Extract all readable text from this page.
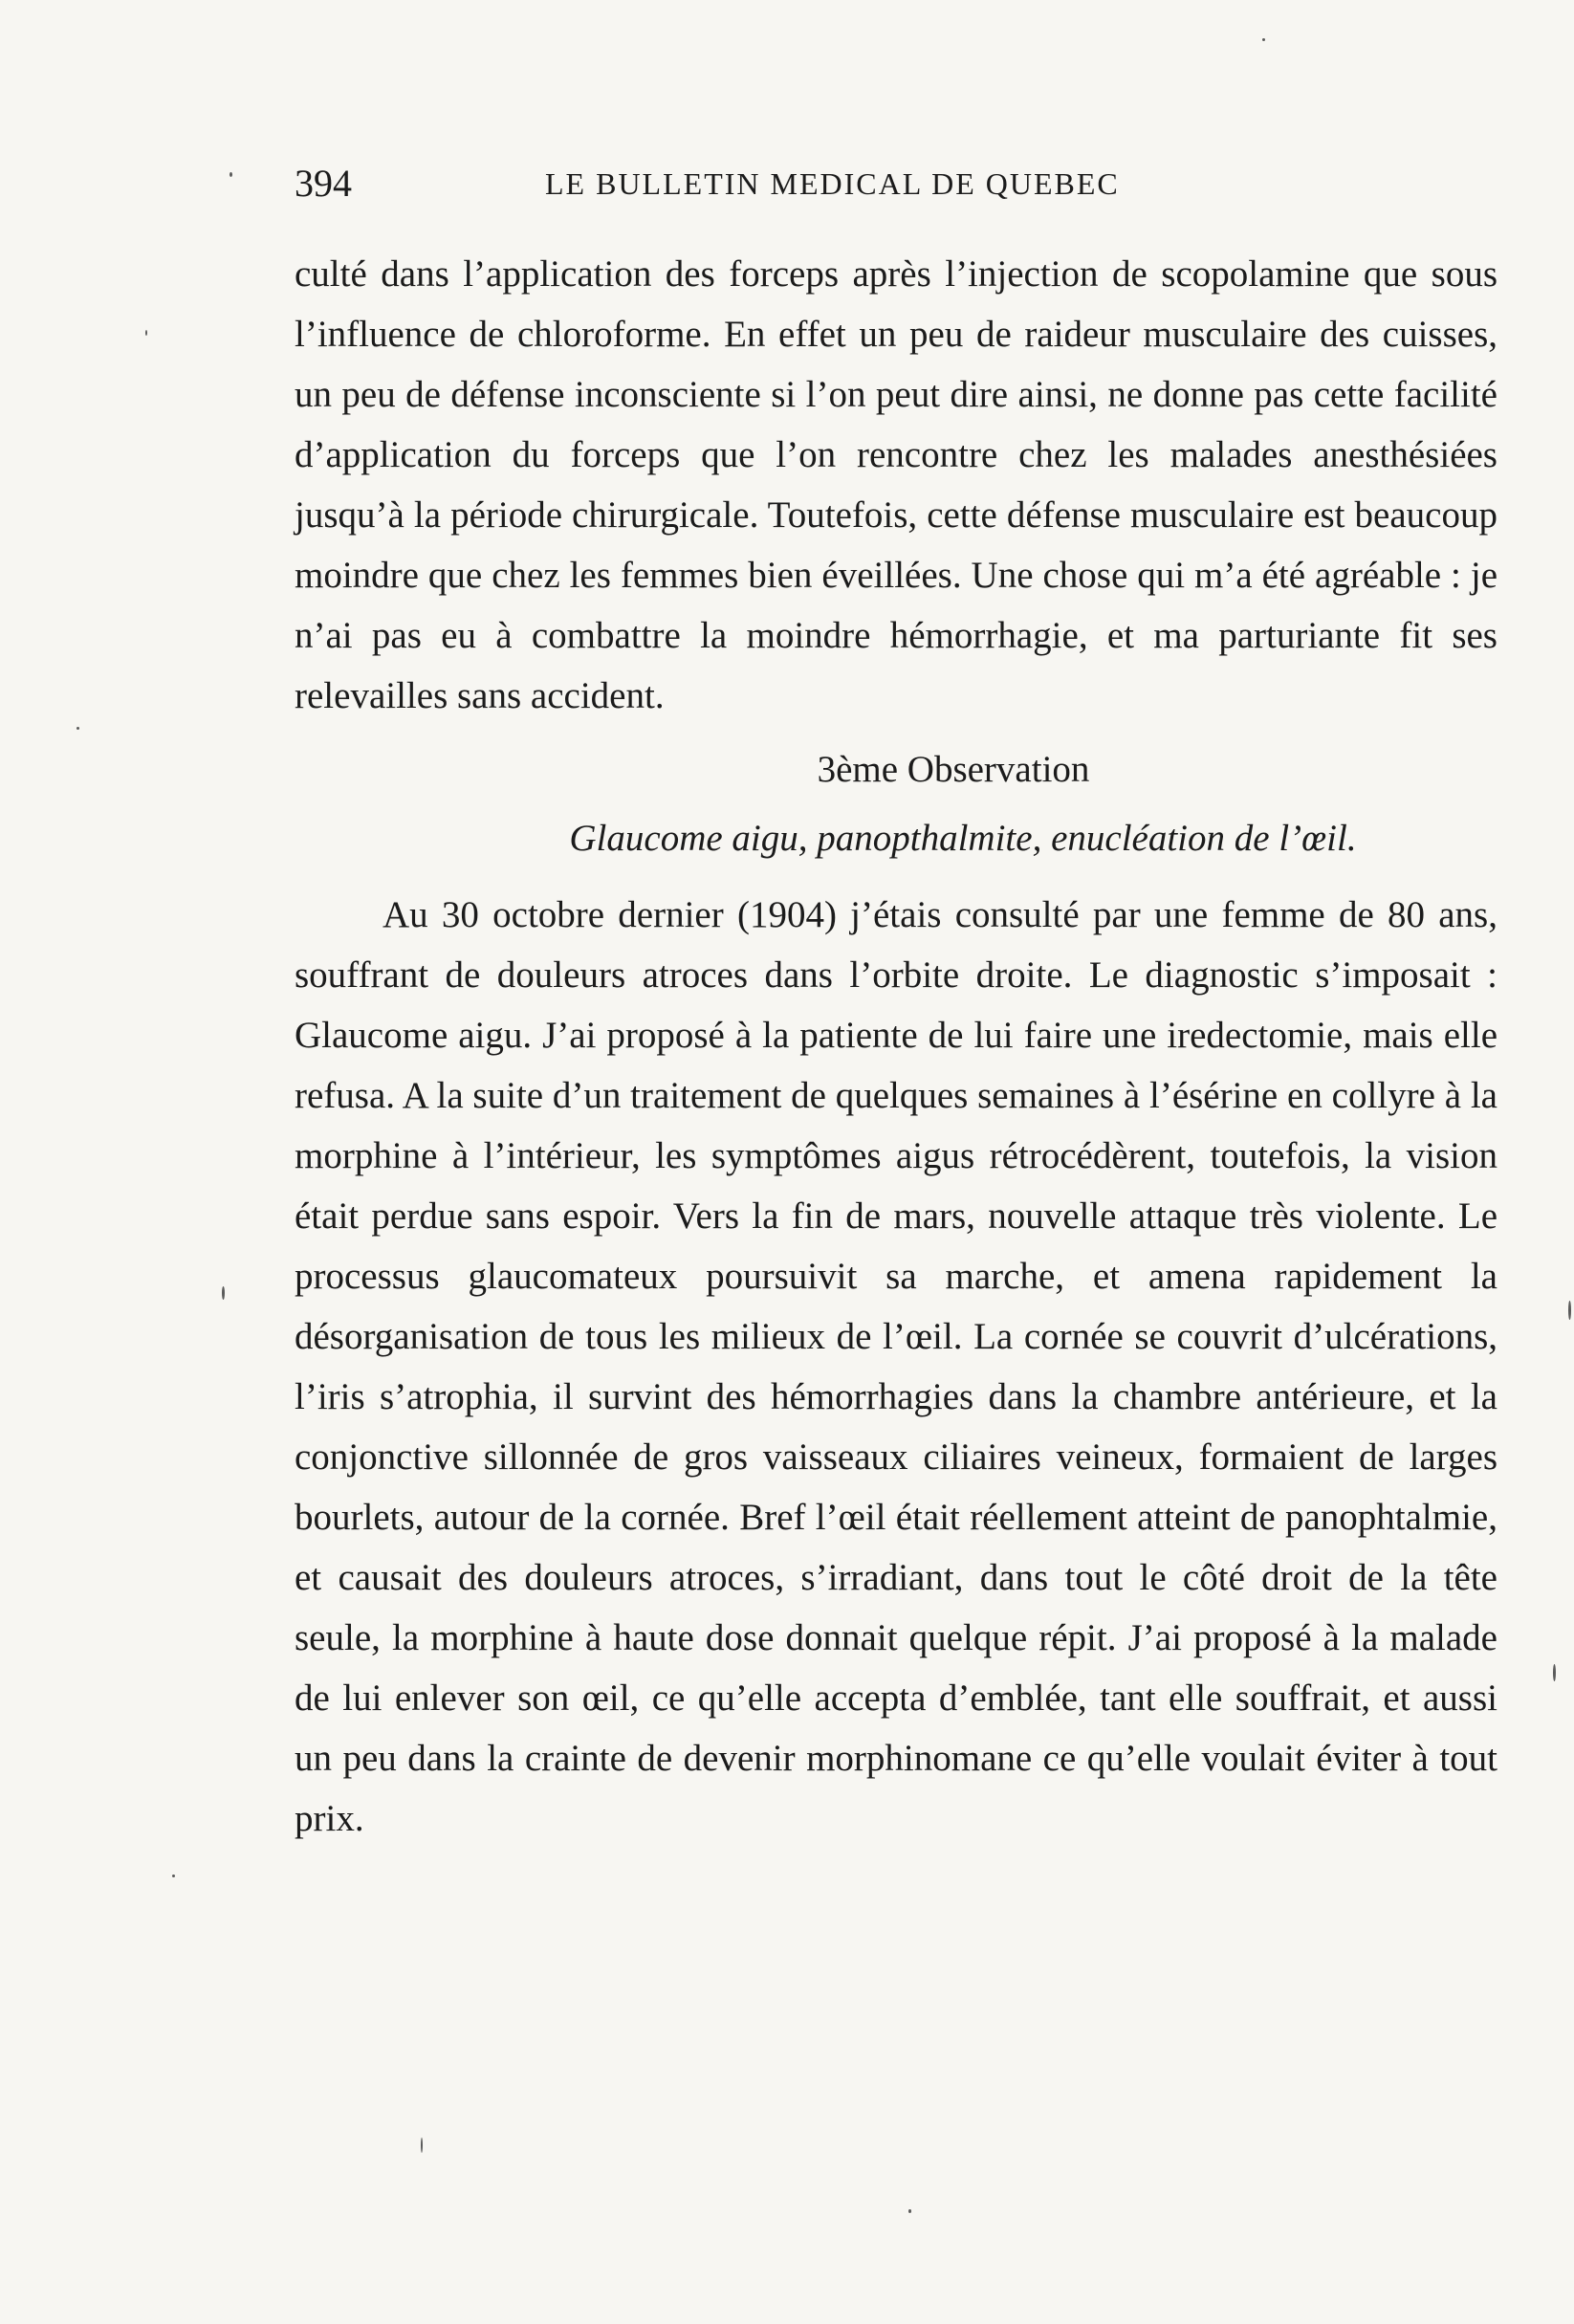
394	LE BULLETIN MEDICAL DE QUEBEC

culté dans l’application des forceps après l’injection de scopolamine que sous l’influence de chloroforme. En effet un peu de raideur musculaire des cuisses, un peu de défense inconsciente si l’on peut dire ainsi, ne donne pas cette facilité d’application du forceps que l’on rencontre chez les malades anesthésiées jusqu’à la période chirurgicale. Toutefois, cette défense musculaire est beaucoup moindre que chez les femmes bien éveillées. Une chose qui m’a été agréable : je n’ai pas eu à combattre la moindre hémorrhagie, et ma parturiante fit ses relevailles sans accident.

3ème Observation
Glaucome aigu, panopthalmite, enucléation de l’œil.

Au 30 octobre dernier (1904) j’étais consulté par une femme de 80 ans, souffrant de douleurs atroces dans l’orbite droite. Le diagnostic s’imposait : Glaucome aigu. J’ai proposé à la patiente de lui faire une iredectomie, mais elle refusa. A la suite d’un traitement de quelques semaines à l’ésérine en collyre à la morphine à l’intérieur, les symptômes aigus rétrocédèrent, toutefois, la vision était perdue sans espoir. Vers la fin de mars, nouvelle attaque très violente. Le processus glaucomateux poursuivit sa marche, et amena rapidement la désorganisation de tous les milieux de l’œil. La cornée se couvrit d’ulcérations, l’iris s’atrophia, il survint des hémorrhagies dans la chambre antérieure, et la conjonctive sillonnée de gros vaisseaux ciliaires veineux, formaient de larges bourlets, autour de la cornée. Bref l’œil était réellement atteint de panophtalmie, et causait des douleurs atroces, s’irradiant, dans tout le côté droit de la tête seule, la morphine à haute dose donnait quelque répit. J’ai proposé à la malade de lui enlever son œil, ce qu’elle accepta d’emblée, tant elle souffrait, et aussi un peu dans la crainte de devenir morphinomane ce qu’elle voulait éviter à tout prix.
